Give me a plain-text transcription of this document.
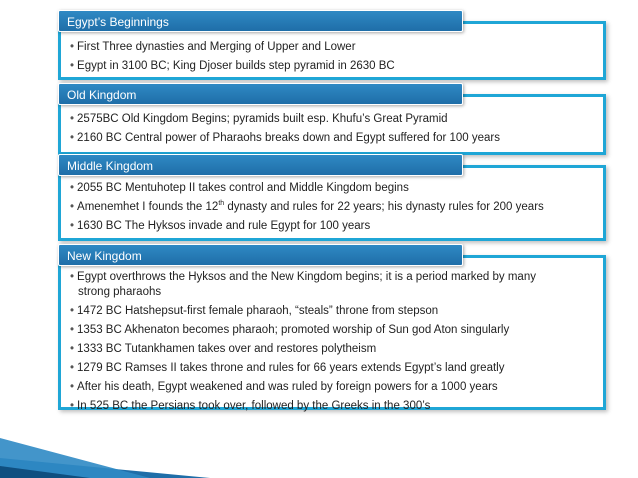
Egypt’s Beginnings
• First Three dynasties and Merging of Upper and Lower
• Egypt in 3100 BC; King Djoser builds step pyramid in 2630 BC
Old Kingdom
• 2575BC Old Kingdom Begins; pyramids built esp. Khufu’s Great Pyramid
• 2160 BC Central power of Pharaohs breaks down and Egypt suffered for 100 years
Middle Kingdom
• 2055 BC Mentuhotep II takes control and Middle Kingdom begins
• Amenemhet I founds the 12th dynasty and rules for 22 years; his dynasty rules for 200 years
• 1630 BC The Hyksos invade and rule Egypt for 100 years
New Kingdom
• Egypt overthrows the Hyksos and the New Kingdom begins; it is a period marked by many strong pharaohs
• 1472 BC Hatshepsut-first female pharaoh, “steals” throne from stepson
• 1353 BC Akhenaton becomes pharaoh; promoted worship of Sun god Aton singularly
• 1333 BC Tutankhamen takes over and restores polytheism
• 1279 BC Ramses II takes throne and rules for 66 years extends Egypt’s land greatly
• After his death, Egypt weakened and was ruled by foreign powers for a 1000 years
• In 525 BC the Persians took over, followed by the Greeks in the 300’s
